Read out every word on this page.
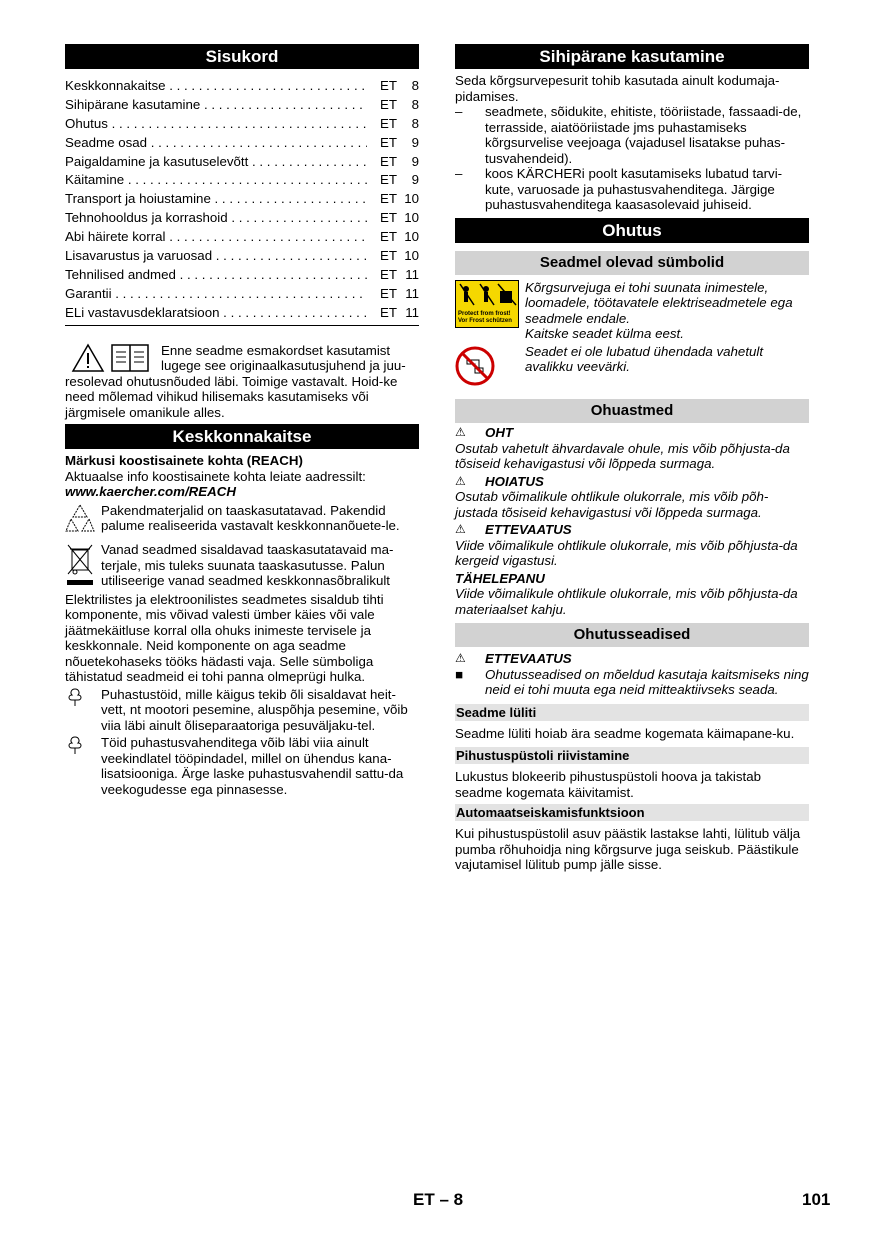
Sisukord
Keskkonnakaitse . . .	ET	8
Sihipärane kasutamine . . .	ET	8
Ohutus . . .	ET	8
Seadme osad . . .	ET	9
Paigaldamine ja kasutuselevõtt . . .	ET	9
Käitamine . . .	ET	9
Transport ja hoiustamine . . .	ET 10
Tehnohooldus ja korrashoid . . .	ET 10
Abi häirete korral . . .	ET 10
Lisavarustus ja varuosad . . .	ET 10
Tehnilised andmed . . .	ET 11
Garantii . . .	ET 11
ELi vastavusdeklaratsioon . . .	ET 11

Enne seadme esmakordset kasutamist

lugege see originaalkasutusjuhend ja juu-

resolevad ohutusnõuded läbi. Toimige vastavalt. Hoid-ke need mõlemad vihikud hilisemaks kasutamiseks või järgmisele omanikule alles.

Keskkonnakaitse

Märkusi koostisainete kohta (REACH)

Aktuaalse info koostisainete kohta leiate aadressilt:

www.kaercher.com/REACH

Pakendmaterjalid on taaskasutatavad. Pakendid palume realiseerida vastavalt keskkonnanõuete-le.

Vanad seadmed sisaldavad taaskasutatavaid ma-terjale, mis tuleks suunata taaskasutusse. Palun utiliseerige vanad seadmed keskkonnasõbralikult

Elektrilistes ja elektroonilistes seadmetes sisaldub tihti komponente, mis võivad valesti ümber käies või vale jäätmekäitluse korral olla ohuks inimeste tervisele ja keskkonnale. Neid komponente on aga seadme nõuetekohaseks tööks hädasti vaja. Selle sümboliga tähistatud seadmeid ei tohi panna olmeprügi hulka.

Puhastustöid, mille käigus tekib õli sisaldavat heit-vett, nt mootori pesemine, aluspõhja pesemine, võib viia läbi ainult õliseparaatoriga pesuväljaku-tel.

Töid puhastusvahenditega võib läbi viia ainult veekindlatel tööpindadel, millel on ühendus kana-lisatsiooniga. Ärge laske puhastusvahendil sattu-da veekogudesse ega pinnasesse.

Sihipärane kasutamine

Seda kõrgsurvepesurit tohib kasutada ainult kodumaja-pidamises.

–	seadmete, sõidukite, ehitiste, tööriistade, fassaadi-de, terrasside, aiatööriistade jms puhastamiseks kõrgsurvelise veejoaga (vajadusel lisatakse puhas-tusvahendeid).

–	koos KÄRCHERi poolt kasutamiseks lubatud tarvi-kute, varuosade ja puhastusvahenditega. Järgige puhastusvahenditega kaasasolevaid juhiseid.

Ohutus
Seadmel olevad sümbolid
Protect from frost!
Vor Frost schützen

Kõrgsurvejuga ei tohi suunata inimestele, loomadele, töötavatele elektriseadmetele ega seadmele endale.

Kaitske seadet külma eest.

Seadet ei ole lubatud ühendada vahetult avalikku veevärki.

Ohuastmed
⚠	OHT

Osutab vahetult ähvardavale ohule, mis võib põhjusta-da tõsiseid kehavigastusi või lõppeda surmaga.

⚠	HOIATUS

Osutab võimalikule ohtlikule olukorrale, mis võib põh-justada tõsiseid kehavigastusi või lõppeda surmaga.

⚠	ETTEVAATUS

Viide võimalikule ohtlikule olukorrale, mis võib põhjusta-da kergeid vigastusi.

TÄHELEPANU

Viide võimalikule ohtlikule olukorrale, mis võib põhjusta-da materiaalset kahju.

Ohutusseadised
⚠	ETTEVAATUS
■	Ohutusseadised on mõeldud kasutaja kaitsmiseks ning neid ei tohi muuta ega neid mitteaktiivseks seada.

Seadme lüliti

Seadme lüliti hoiab ära seadme kogemata käimapane-ku.

Pihustuspüstoli riivistamine

Lukustus blokeerib pihustuspüstoli hoova ja takistab seadme kogemata käivitamist.

Automaatseiskamisfunktsioon

Kui pihustuspüstolil asuv päästik lastakse lahti, lülitub välja pumba rõhuhoidja ning kõrgsurve juga seiskub. Päästikule vajutamisel lülitub pump jälle sisse.

ET – 8	101
